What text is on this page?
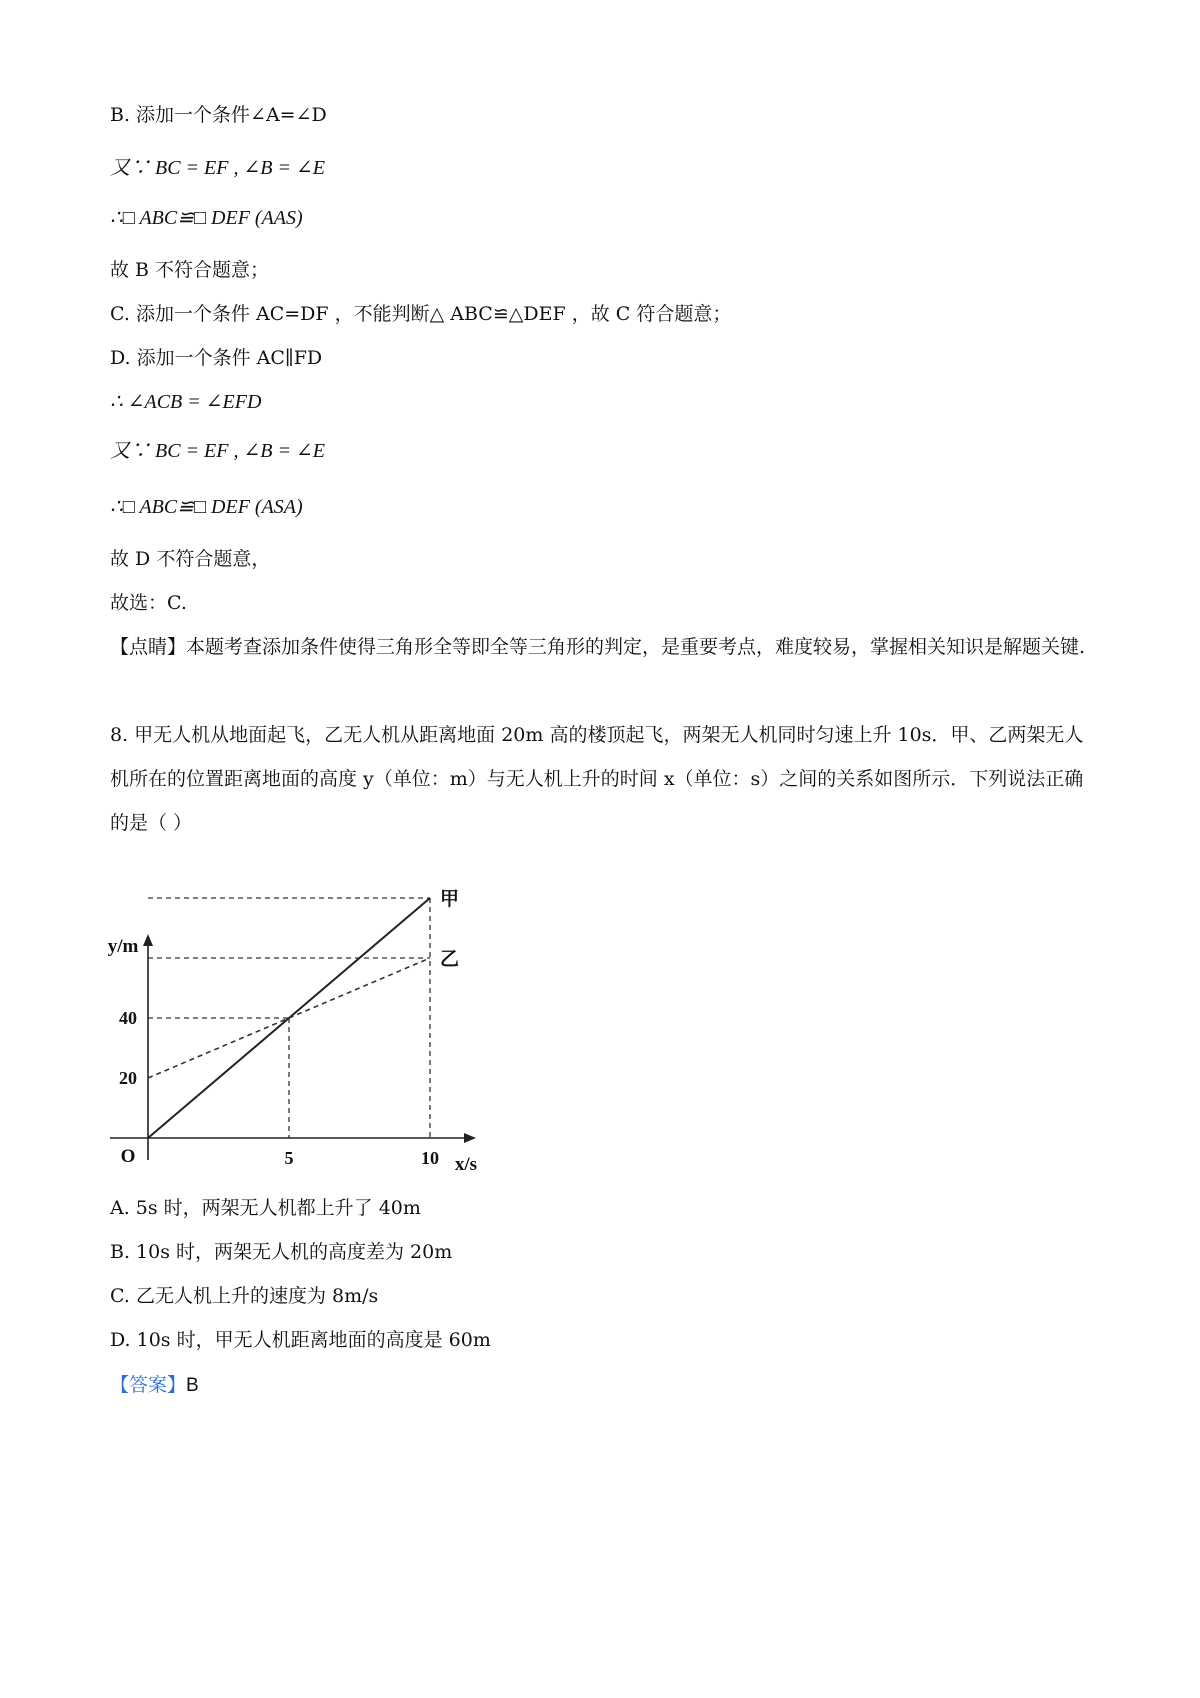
B. 添加一个条件∠A=∠D
又∵ BC = EF , ∠B = ∠E
∴□ ABC≌□ DEF (AAS)
故 B 不符合题意；
C. 添加一个条件 AC=DF ，不能判断△ ABC≌△DEF ，故 C 符合题意；
D. 添加一个条件 AC∥FD
∴ ∠ACB = ∠EFD
又∵ BC = EF , ∠B = ∠E
∴□ ABC≌□ DEF (ASA)
故 D 不符合题意，
故选：C.
【点睛】本题考查添加条件使得三角形全等即全等三角形的判定，是重要考点，难度较易，掌握相关知识是解题关键.
8. 甲无人机从地面起飞，乙无人机从距离地面 20m 高的楼顶起飞，两架无人机同时匀速上升 10s．甲、乙两架无人机所在的位置距离地面的高度 y（单位：m）与无人机上升的时间 x（单位：s）之间的关系如图所示．下列说法正确的是（ ）
y/m
x/s
O	5	10
20
40
甲
乙
A. 5s 时，两架无人机都上升了 40m
B. 10s 时，两架无人机的高度差为 20m
C. 乙无人机上升的速度为 8m/s
D. 10s 时，甲无人机距离地面的高度是 60m
【答案】B
